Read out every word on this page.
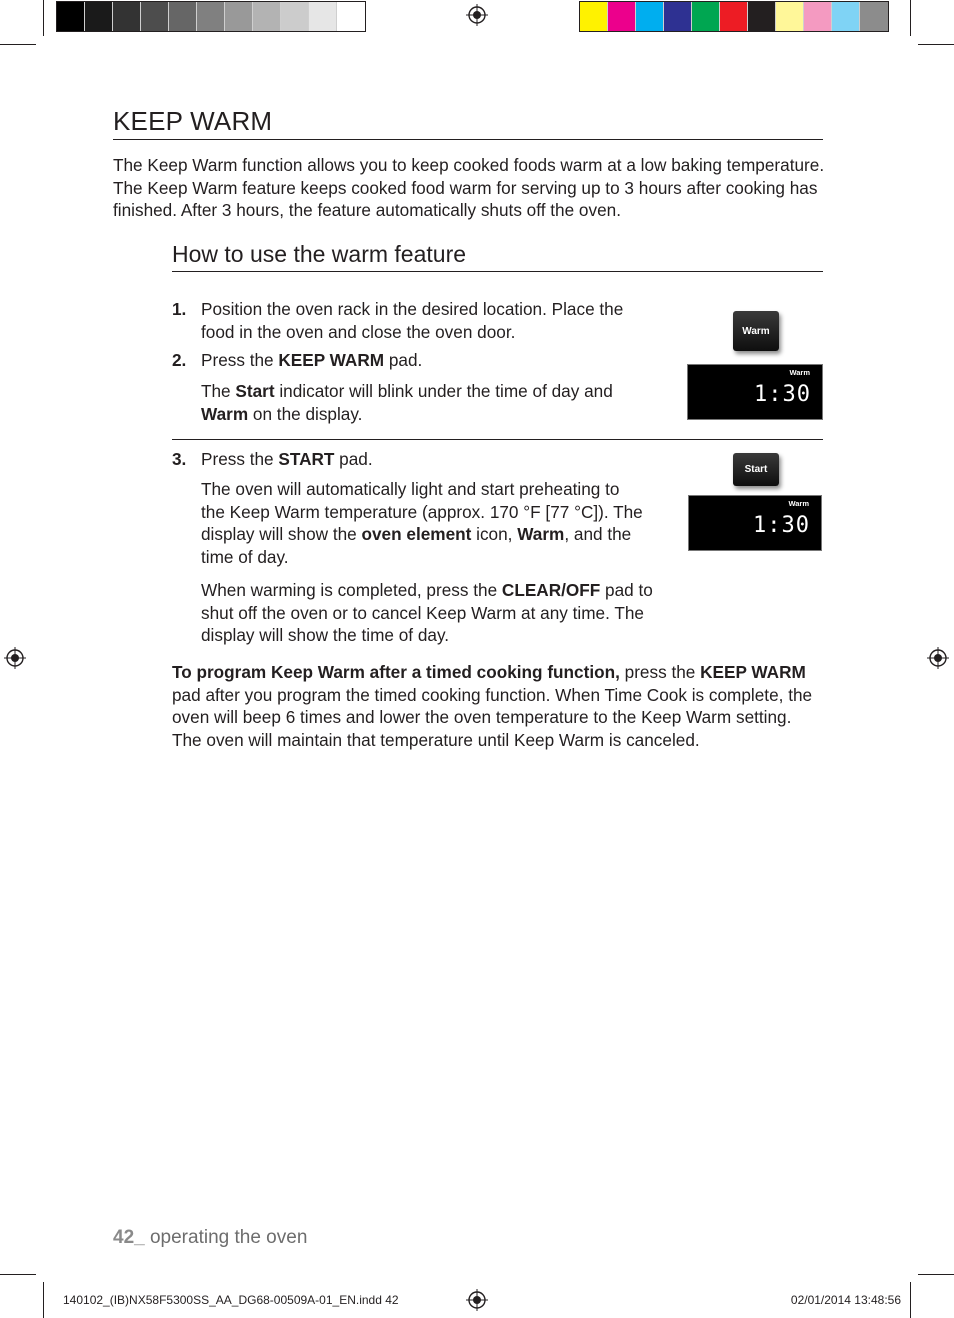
KEEP WARM

The Keep Warm function allows you to keep cooked foods warm at a low baking temperature. The Keep Warm feature keeps cooked food warm for serving up to 3 hours after cooking has finished. After 3 hours, the feature automatically shuts off the oven.

How to use the warm feature
1. Position the oven rack in the desired location. Place the food in the oven and close the oven door.
2. Press the KEEP WARM pad.

The Start indicator will blink under the time of day and Warm on the display.

3. Press the START pad.

The oven will automatically light and start preheating to the Keep Warm temperature (approx. 170 °F [77 °C]). The display will show the oven element icon, Warm, and the time of day.

When warming is completed, press the CLEAR/OFF pad to shut off the oven or to cancel Keep Warm at any time. The display will show the time of day.

To program Keep Warm after a timed cooking function, press the KEEP WARM pad after you program the timed cooking function. When Time Cook is complete, the oven will beep 6 times and lower the oven temperature to the Keep Warm setting. The oven will maintain that temperature until Keep Warm is canceled.

Warm
Warm
1:30
Start
Warm
1:30
42_ operating the oven
140102_(IB)NX58F5300SS_AA_DG68-00509A-01_EN.indd 42	02/01/2014 13:48:56
